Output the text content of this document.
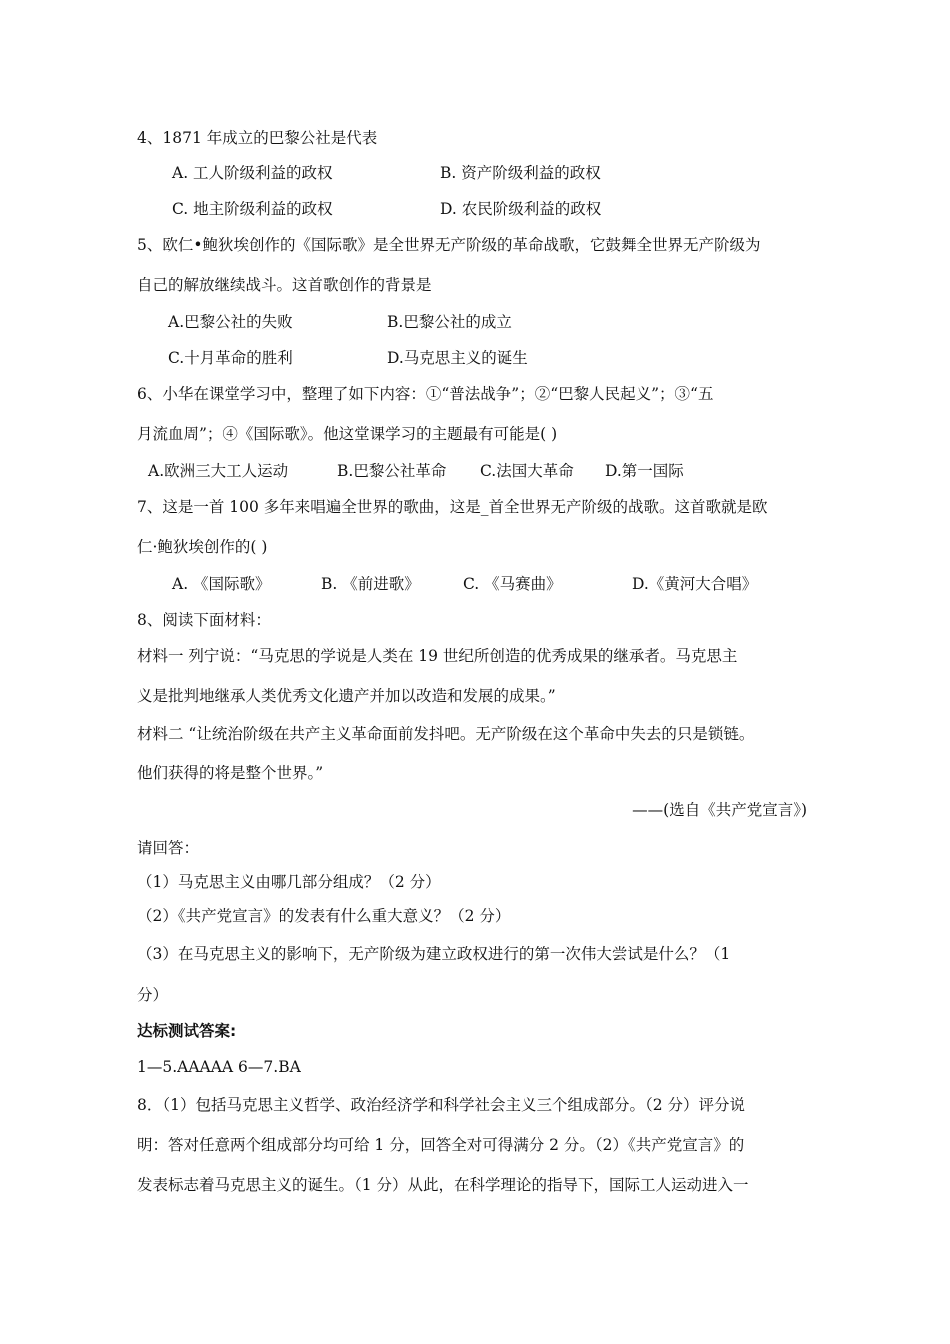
4、1871 年成立的巴黎公社是代表
A. 工人阶级利益的政权	B. 资产阶级利益的政权
C. 地主阶级利益的政权	D. 农民阶级利益的政权
5、欧仁•鲍狄埃创作的《国际歌》是全世界无产阶级的革命战歌，它鼓舞全世界无产阶级为
自己的解放继续战斗。这首歌创作的背景是
A.巴黎公社的失败	B.巴黎公社的成立
C.十月革命的胜利	D.马克思主义的诞生
6、小华在课堂学习中，整理了如下内容：①“普法战争”；②“巴黎人民起义”；③“五
月流血周”；④《国际歌》。他这堂课学习的主题最有可能是( )
A.欧洲三大工人运动	B.巴黎公社革命 C.法国大革命 D.第一国际
7、这是一首 100 多年来唱遍全世界的歌曲，这是_首全世界无产阶级的战歌。这首歌就是欧
仁·鲍狄埃创作的( )
A. 《国际歌》	B. 《前进歌》	C. 《马赛曲》	D.《黄河大合唱》
8、阅读下面材料：
材料一 列宁说：“马克思的学说是人类在 19 世纪所创造的优秀成果的继承者。马克思主
义是批判地继承人类优秀文化遗产并加以改造和发展的成果。”
材料二 “让统治阶级在共产主义革命面前发抖吧。无产阶级在这个革命中失去的只是锁链。
他们获得的将是整个世界。”
——(选自《共产党宣言》)
请回答：
（1）马克思主义由哪几部分组成？（2 分）
（2）《共产党宣言》的发表有什么重大意义？（2 分）
（3）在马克思主义的影响下，无产阶级为建立政权进行的第一次伟大尝试是什么？（1
分）
达标测试答案:
1—5.AAAAA 6—7.BA
8．（1）包括马克思主义哲学、政治经济学和科学社会主义三个组成部分。（2 分）评分说
明：答对任意两个组成部分均可给 1 分，回答全对可得满分 2 分。（2）《共产党宣言》的
发表标志着马克思主义的诞生。（1 分）从此，在科学理论的指导下，国际工人运动进入一
